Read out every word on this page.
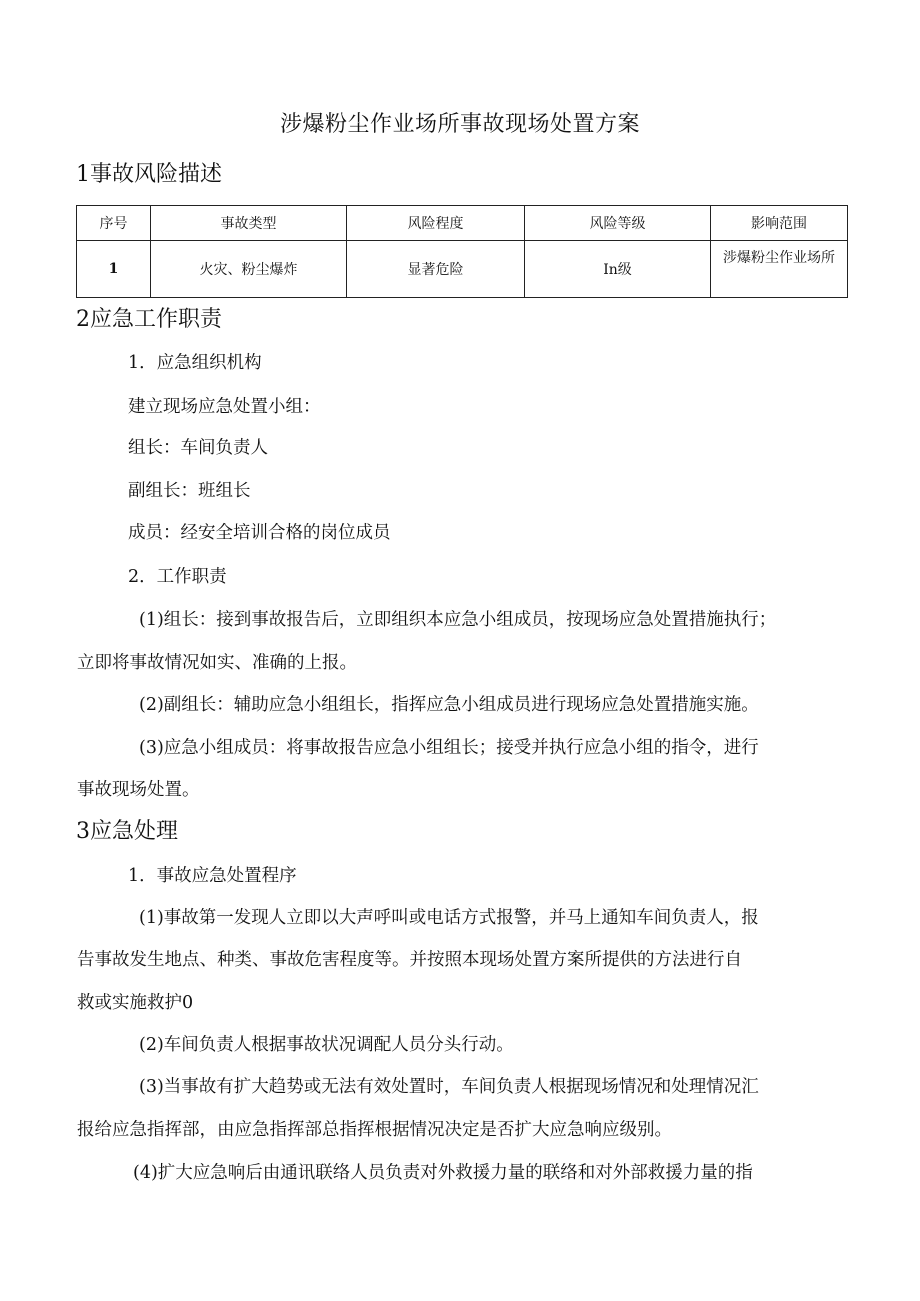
涉爆粉尘作业场所事故现场处置方案
1事故风险描述
序号	事故类型	风险程度	风险等级	影响范围
1	火灾、粉尘爆炸	显著危险	In级	涉爆粉尘作业场所
2应急工作职责
1．应急组织机构
建立现场应急处置小组：
组长：车间负责人
副组长：班组长
成员：经安全培训合格的岗位成员
2．工作职责
(1)组长：接到事故报告后，立即组织本应急小组成员，按现场应急处置措施执行；
立即将事故情况如实、准确的上报。
(2)副组长：辅助应急小组组长，指挥应急小组成员进行现场应急处置措施实施。
(3)应急小组成员：将事故报告应急小组组长；接受并执行应急小组的指令，进行
事故现场处置。
3应急处理
1．事故应急处置程序
(1)事故第一发现人立即以大声呼叫或电话方式报警，并马上通知车间负责人，报
告事故发生地点、种类、事故危害程度等。并按照本现场处置方案所提供的方法进行自
救或实施救护0
(2)车间负责人根据事故状况调配人员分头行动。
(3)当事故有扩大趋势或无法有效处置时，车间负责人根据现场情况和处理情况汇
报给应急指挥部，由应急指挥部总指挥根据情况决定是否扩大应急响应级别。
(4)扩大应急响后由通讯联络人员负责对外救援力量的联络和对外部救援力量的指
